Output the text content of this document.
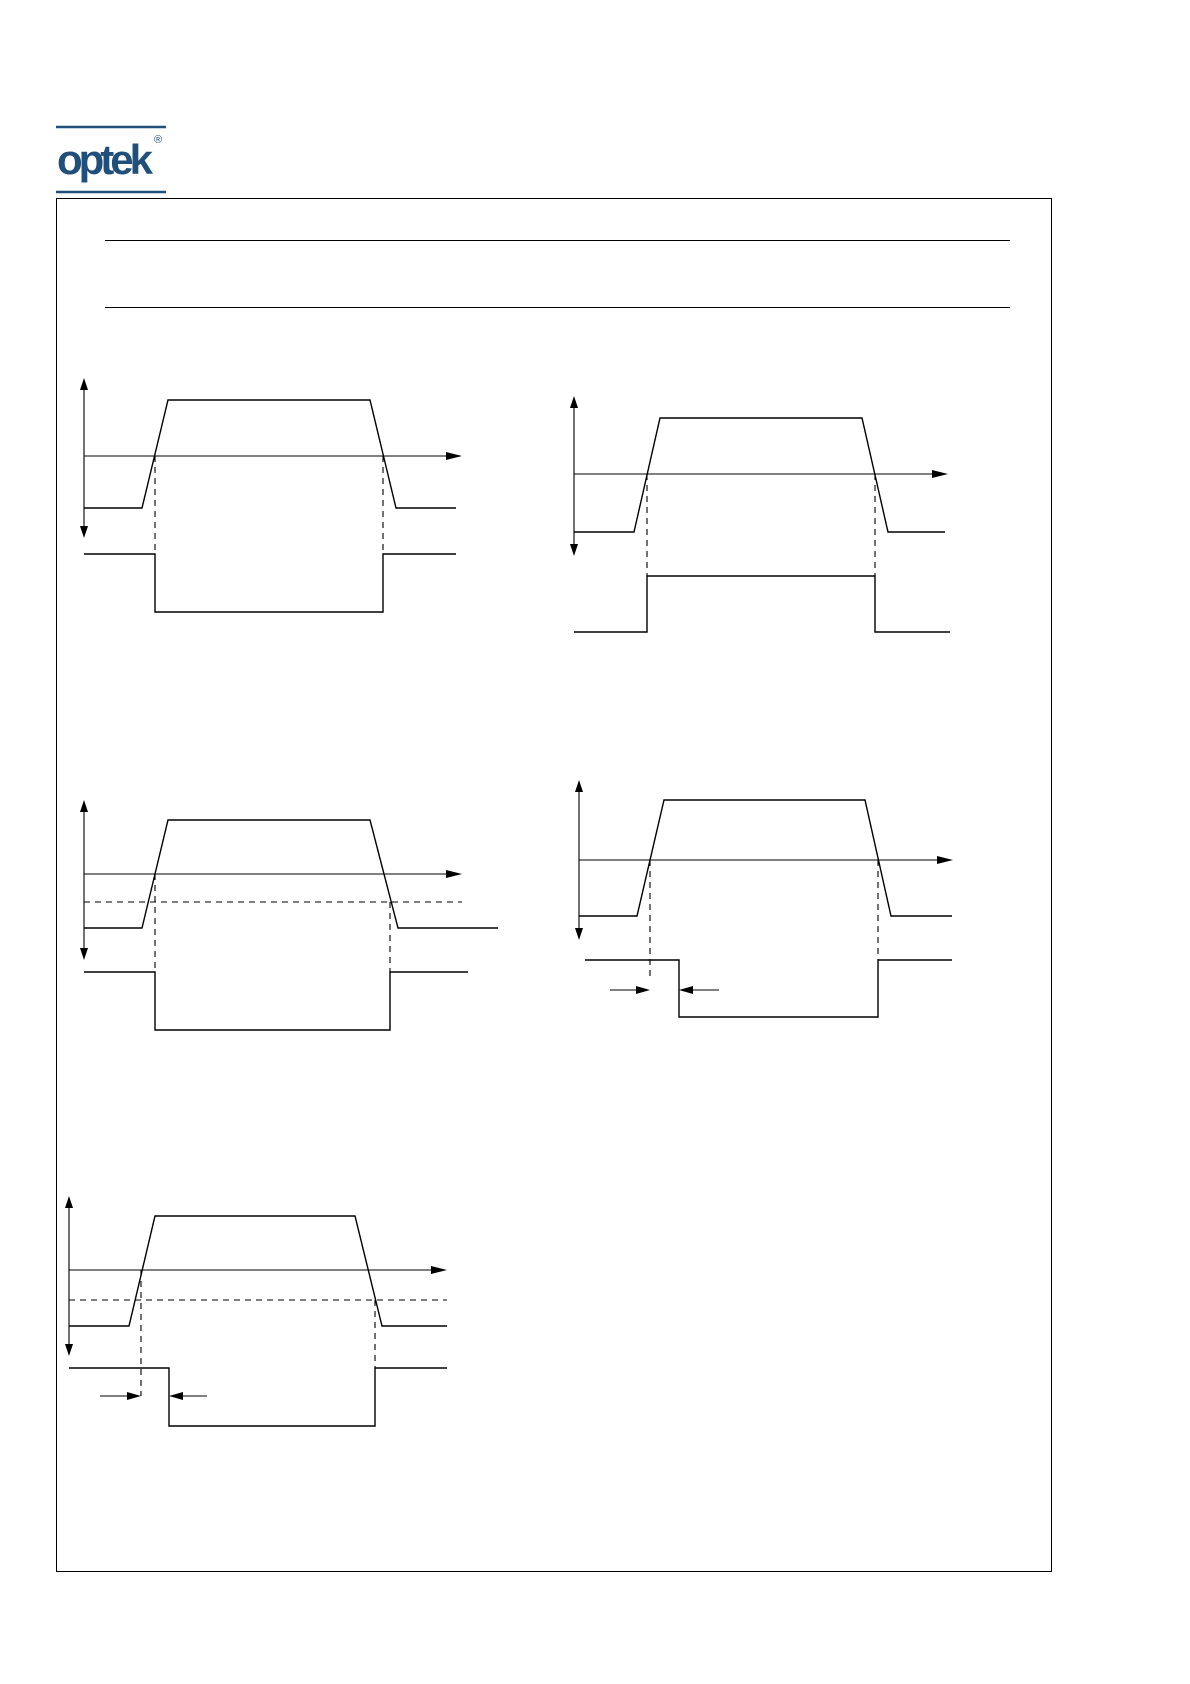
optek ®
